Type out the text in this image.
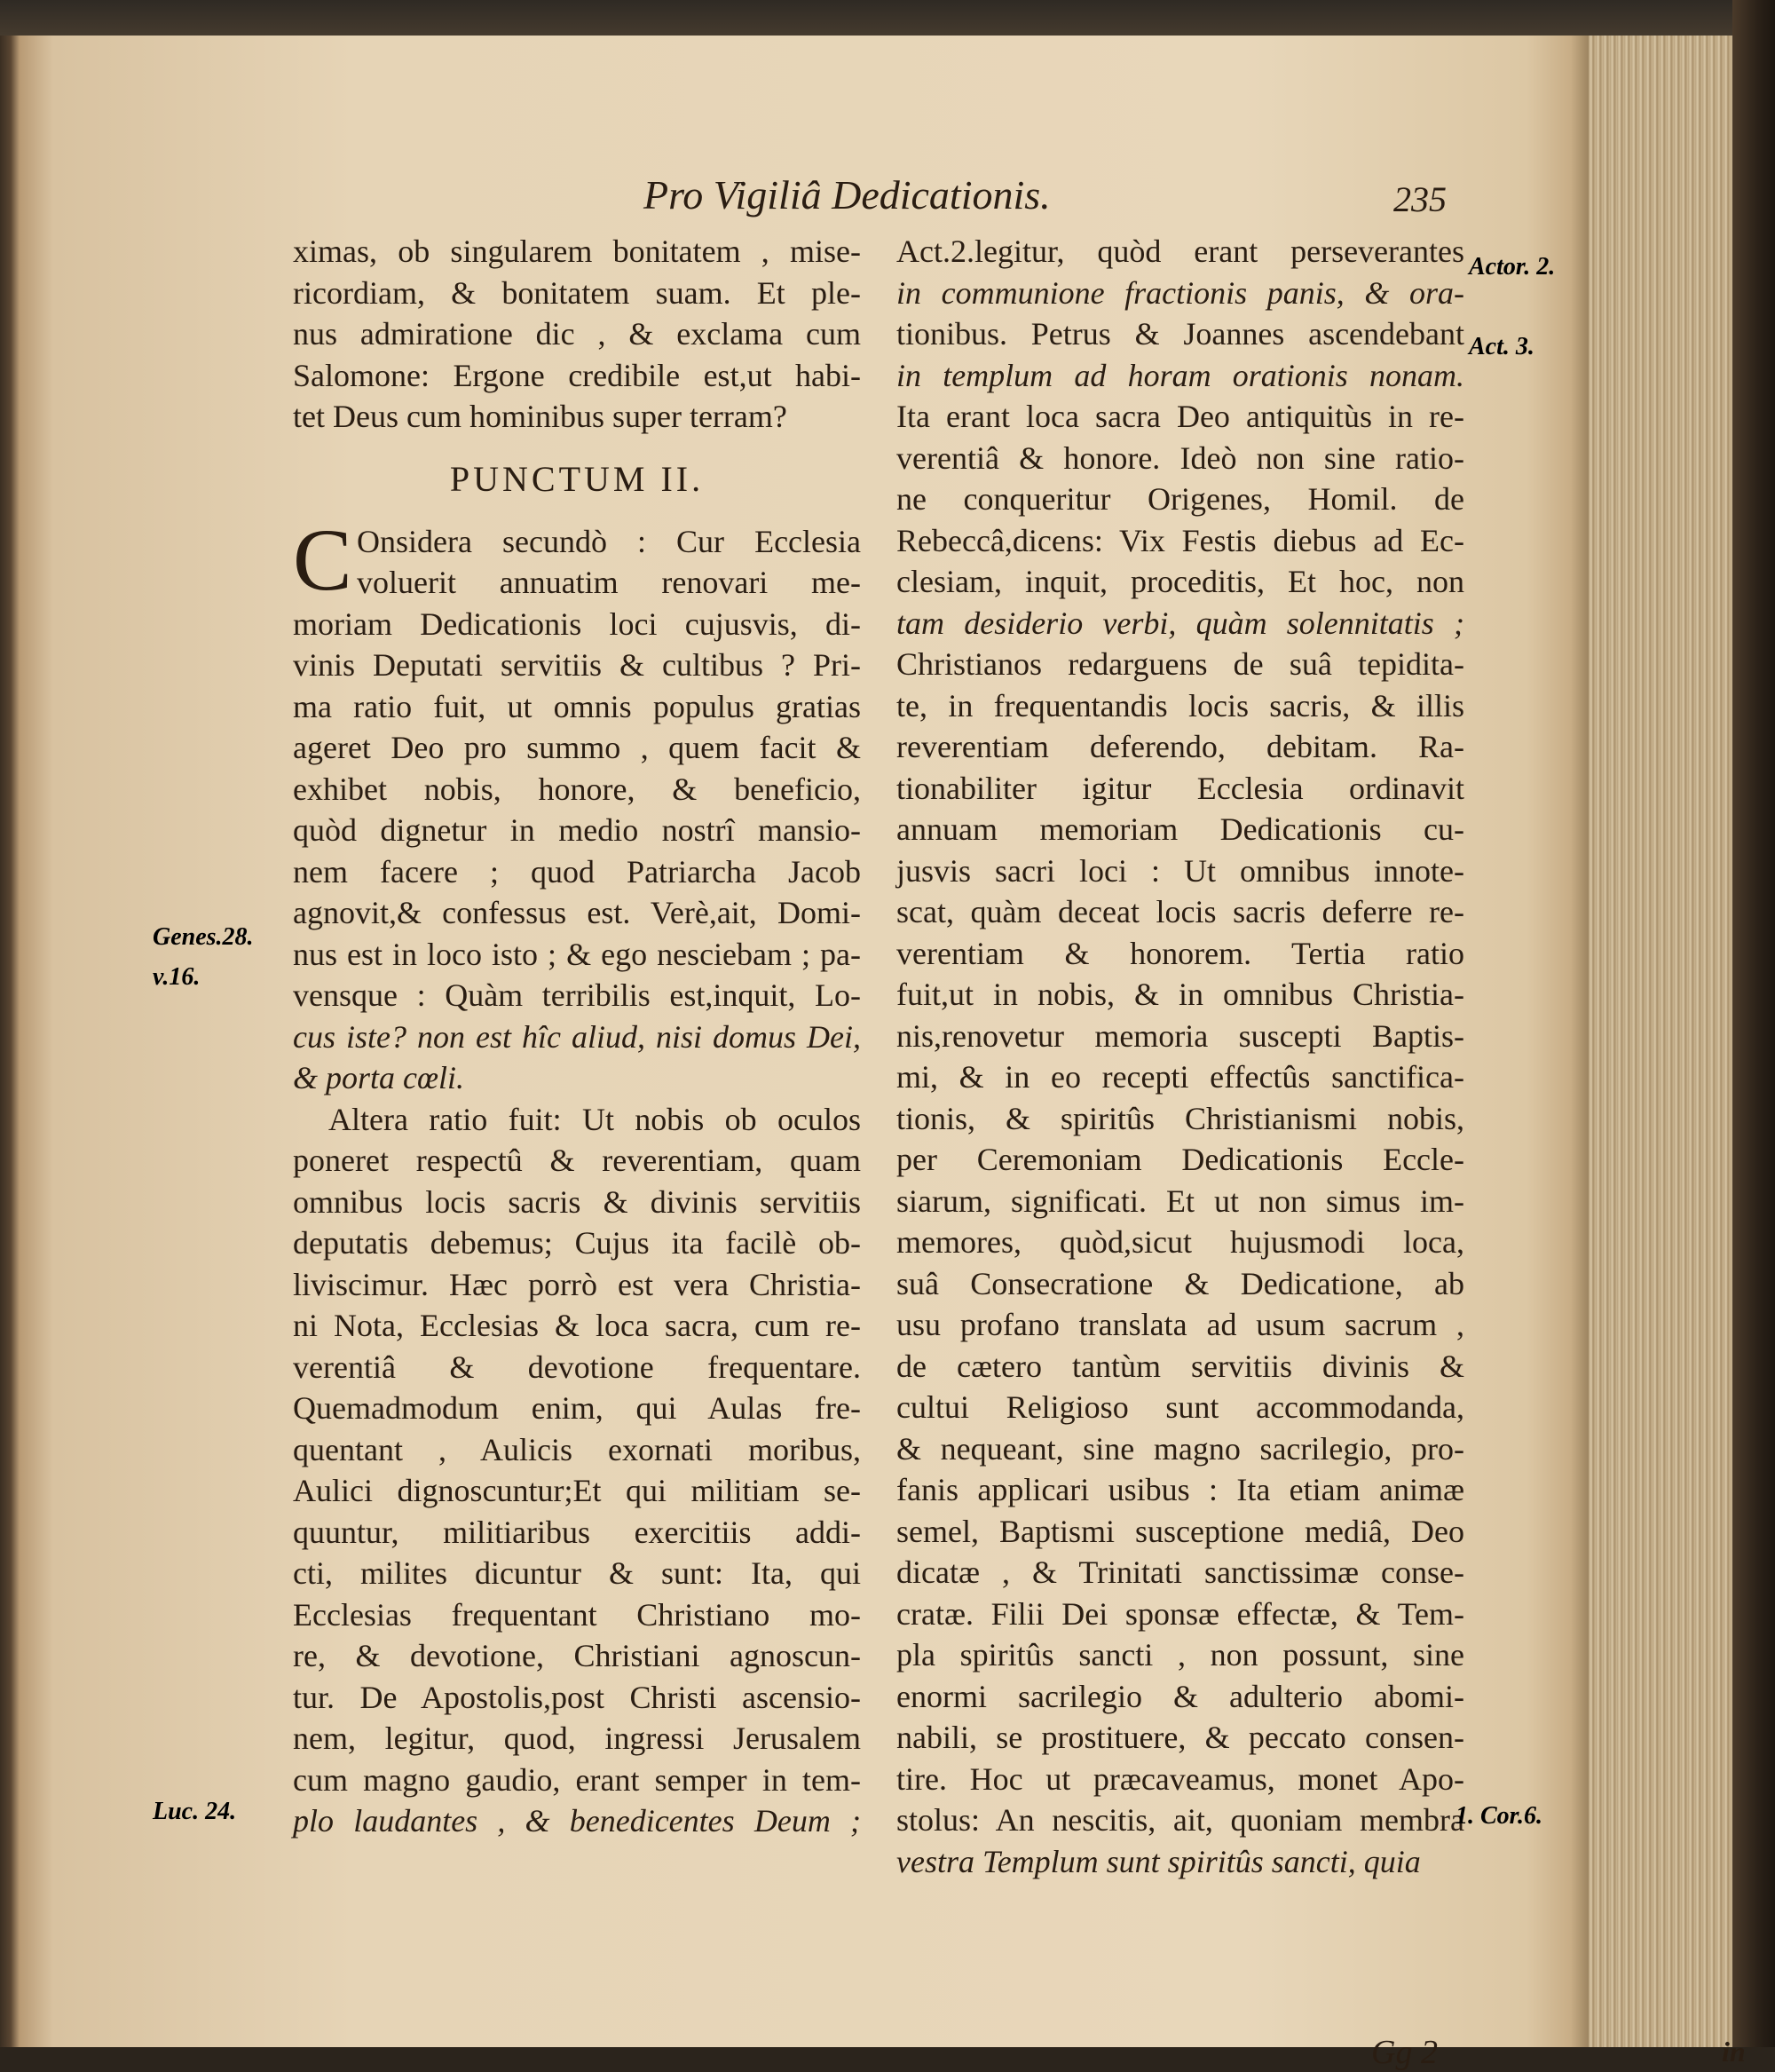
Pro Vigiliâ Dedicationis.	235
ximas, ob singularem bonitatem , mise-
ricordiam, & bonitatem suam. Et ple-
nus admiratione dic , & exclama cum
Salomone: Ergone credibile est,ut habi-
tet Deus cum hominibus super terram?
PUNCTUM II.
C Onsidera secundò : Cur Ecclesia
voluerit annuatim renovari me-
moriam Dedicationis loci cujusvis, di-
vinis Deputati servitiis & cultibus ? Pri-
ma ratio fuit, ut omnis populus gratias
ageret Deo pro summo , quem facit &
exhibet nobis, honore, & beneficio,
quòd dignetur in medio nostrî mansio-
nem facere ; quod Patriarcha Jacob
agnovit,& confessus est. Verè,ait, Domi-
nus est in loco isto ; & ego nesciebam ; pa-
vensque : Quàm terribilis est,inquit, Lo-
cus iste? non est hîc aliud, nisi domus Dei,
& porta cœli.
Altera ratio fuit: Ut nobis ob oculos
poneret respectû & reverentiam, quam
omnibus locis sacris & divinis servitiis
deputatis debemus; Cujus ita facilè ob-
liviscimur. Hæc porrò est vera Christia-
ni Nota, Ecclesias & loca sacra, cum re-
verentiâ & devotione frequentare.
Quemadmodum enim, qui Aulas fre-
quentant , Aulicis exornati moribus,
Aulici dignoscuntur;Et qui militiam se-
quuntur, militiaribus exercitiis addi-
cti, milites dicuntur & sunt: Ita, qui
Ecclesias frequentant Christiano mo-
re, & devotione, Christiani agnoscun-
tur. De Apostolis,post Christi ascensio-
nem, legitur, quod, ingressi Jerusalem
cum magno gaudio, erant semper in tem-
plo laudantes , & benedicentes Deum ;
Act.2.legitur, quòd erant perseverantes
in communione fractionis panis, & ora-
tionibus. Petrus & Joannes ascendebant
in templum ad horam orationis nonam.
Ita erant loca sacra Deo antiquitùs in re-
verentiâ & honore. Ideò non sine ratio-
ne conqueritur Origenes, Homil. de
Rebeccâ,dicens: Vix Festis diebus ad Ec-
clesiam, inquit, proceditis, Et hoc, non
tam desiderio verbi, quàm solennitatis ;
Christianos redarguens de suâ tepidita-
te, in frequentandis locis sacris, & illis
reverentiam deferendo, debitam. Ra-
tionabiliter igitur Ecclesia ordinavit
annuam memoriam Dedicationis cu-
jusvis sacri loci : Ut omnibus innote-
scat, quàm deceat locis sacris deferre re-
verentiam & honorem. Tertia ratio
fuit,ut in nobis, & in omnibus Christia-
nis,renovetur memoria suscepti Baptis-
mi, & in eo recepti effectûs sanctifica-
tionis, & spiritûs Christianismi nobis,
per Ceremoniam Dedicationis Eccle-
siarum, significati. Et ut non simus im-
memores, quòd,sicut hujusmodi loca,
suâ Consecratione & Dedicatione, ab
usu profano translata ad usum sacrum ,
de cætero tantùm servitiis divinis &
cultui Religioso sunt accommodanda,
& nequeant, sine magno sacrilegio, pro-
fanis applicari usibus : Ita etiam animæ
semel, Baptismi susceptione mediâ, Deo
dicatæ , & Trinitati sanctissimæ conse-
cratæ. Filii Dei sponsæ effectæ, & Tem-
pla spiritûs sancti , non possunt, sine
enormi sacrilegio & adulterio abomi-
nabili, se prostituere, & peccato consen-
tire. Hoc ut præcaveamus, monet Apo-
stolus: An nescitis, ait, quoniam membra
vestra Templum sunt spiritûs sancti, quia
Gg 2	in
Genes.28.
v.16.
Luc. 24.
Actor. 2.
Act. 3.
1. Cor.6.
